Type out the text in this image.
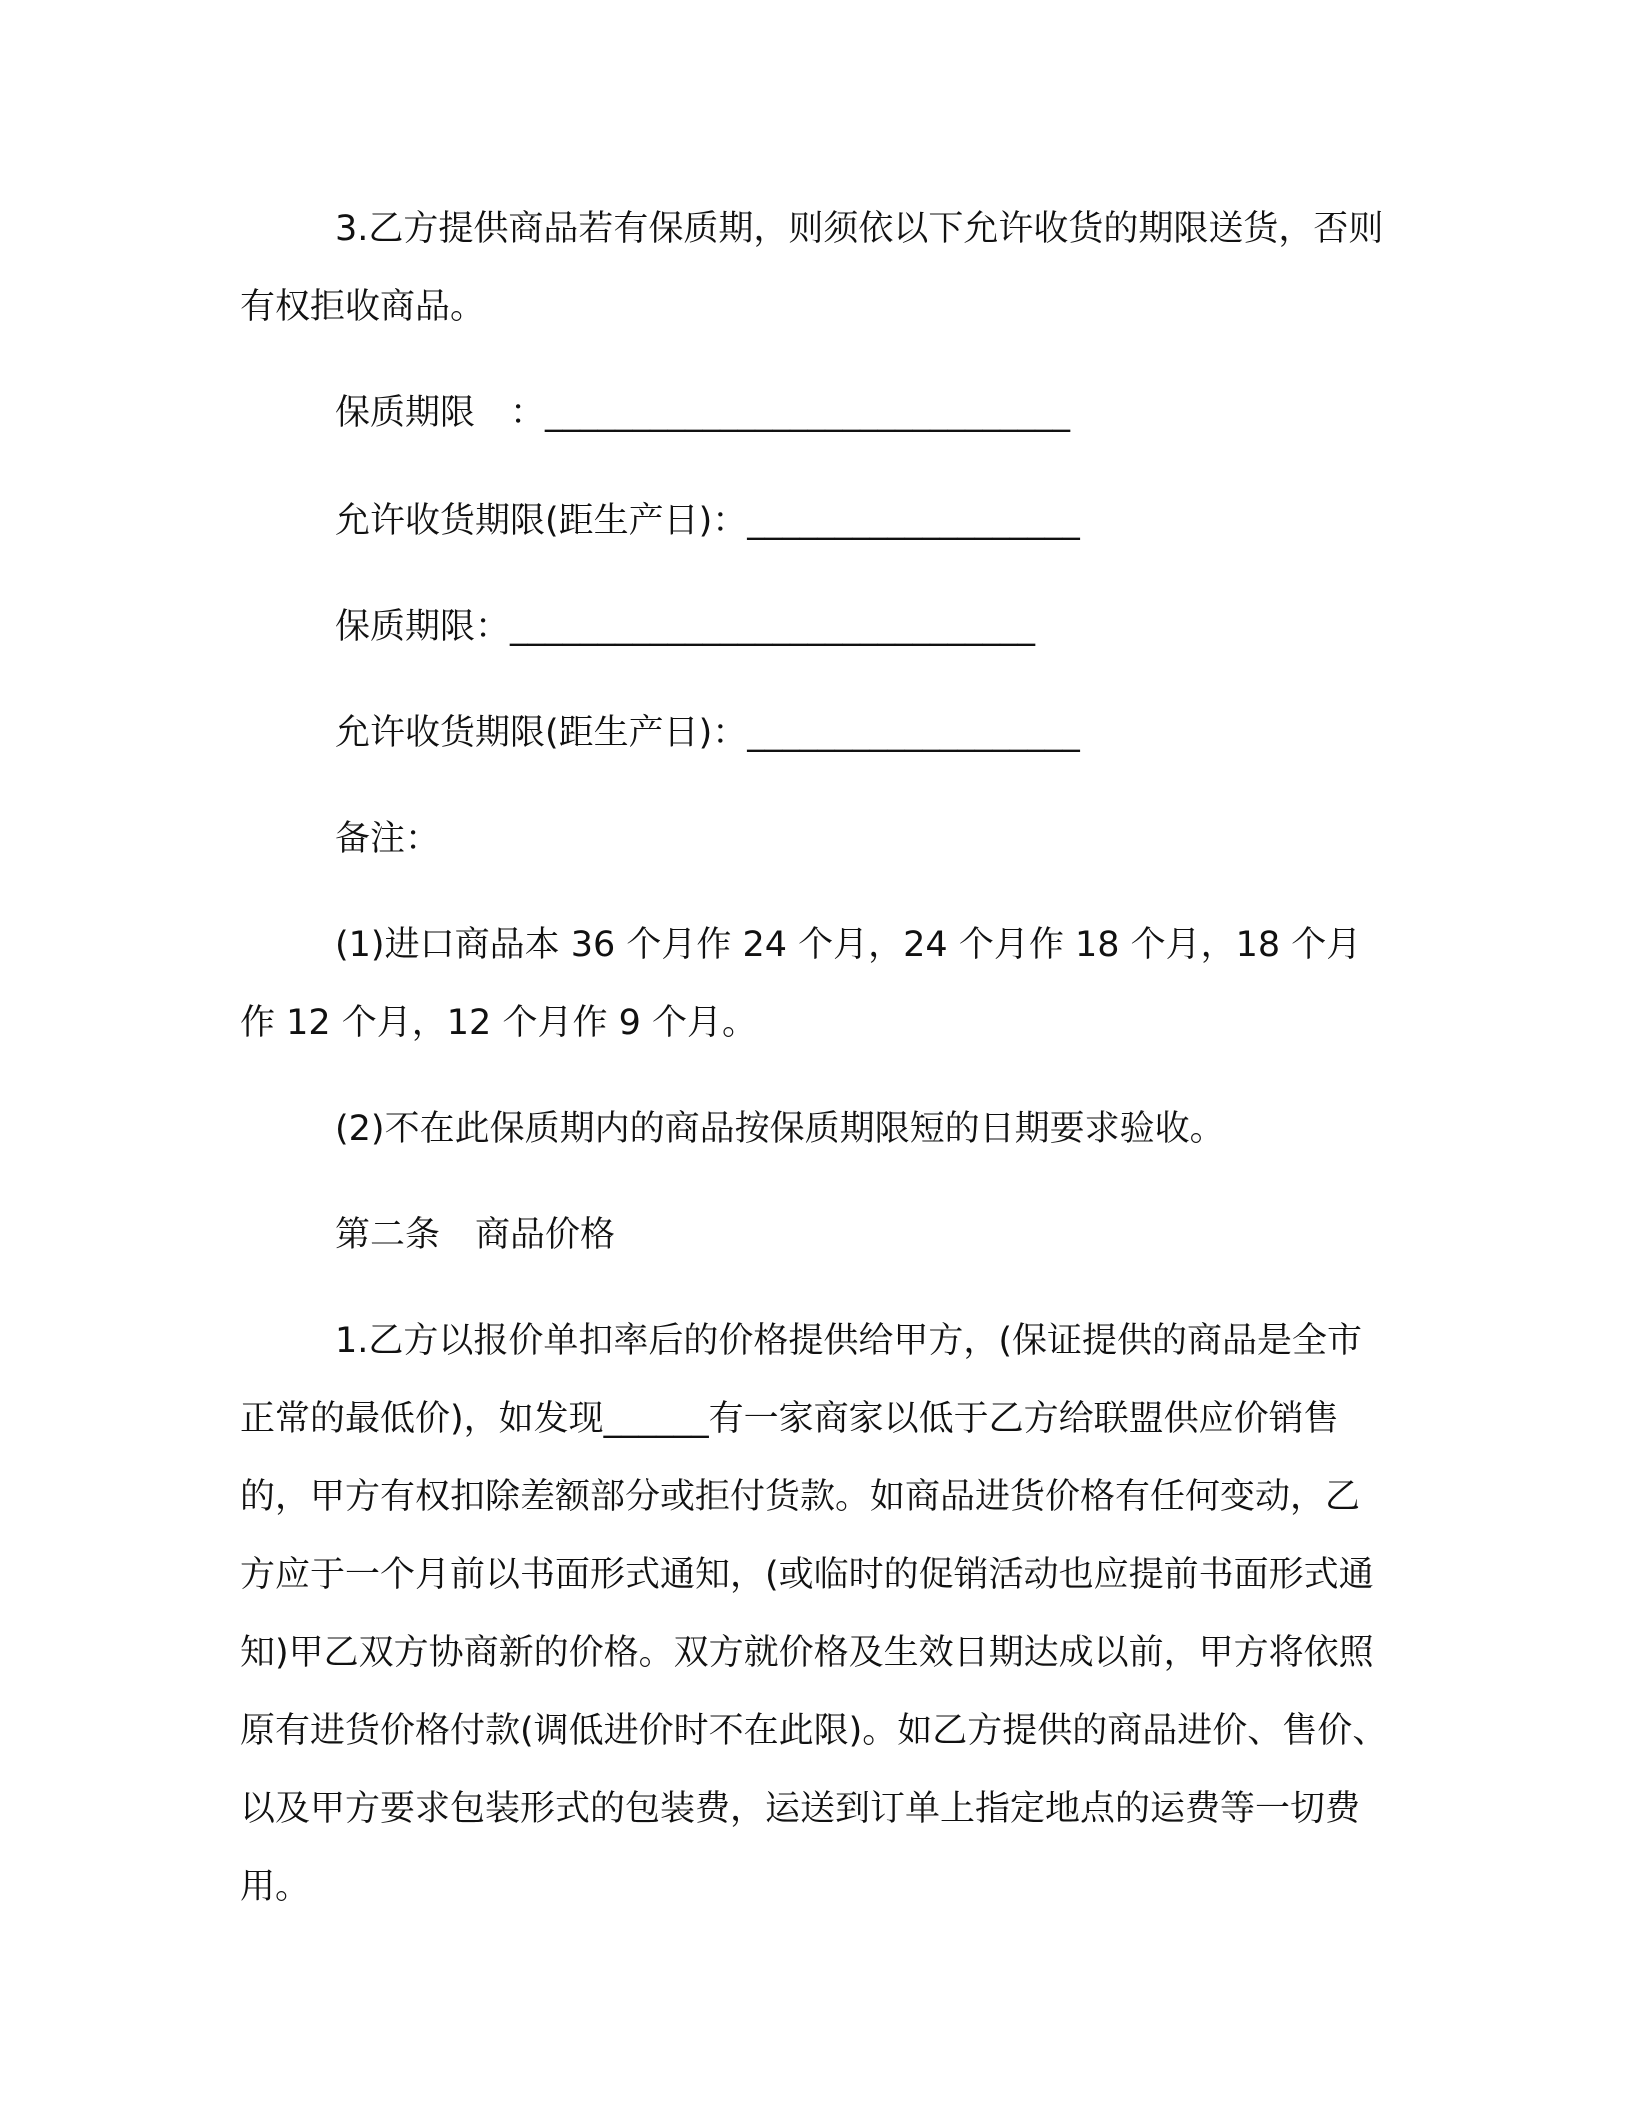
3.乙方提供商品若有保质期，则须依以下允许收货的期限送货，否则有权拒收商品。

保质期限　：______________________________

允许收货期限(距生产日)：___________________

保质期限：______________________________

允许收货期限(距生产日)：___________________

备注：

(1)进口商品本 36 个月作 24 个月，24 个月作 18 个月，18 个月作 12 个月，12 个月作 9 个月。

(2)不在此保质期内的商品按保质期限短的日期要求验收。

第二条　商品价格

1.乙方以报价单扣率后的价格提供给甲方，(保证提供的商品是全市正常的最低价)，如发现______有一家商家以低于乙方给联盟供应价销售的，甲方有权扣除差额部分或拒付货款。如商品进货价格有任何变动，乙方应于一个月前以书面形式通知，(或临时的促销活动也应提前书面形式通知)甲乙双方协商新的价格。双方就价格及生效日期达成以前，甲方将依照原有进货价格付款(调低进价时不在此限)。如乙方提供的商品进价、售价、以及甲方要求包装形式的包装费，运送到订单上指定地点的运费等一切费用。
